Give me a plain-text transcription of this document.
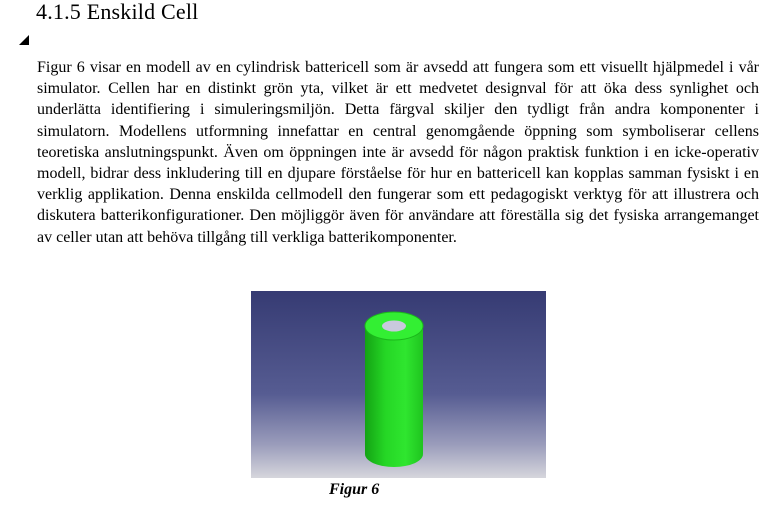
4.1.5 Enskild Cell

Figur 6 visar en modell av en cylindrisk battericell som är avsedd att fungera som ett visuellt hjälpmedel i vår simulator. Cellen har en distinkt grön yta, vilket är ett medvetet designval för att öka dess synlighet och underlätta identifiering i simuleringsmiljön. Detta färgval skiljer den tydligt från andra komponenter i simulatorn. Modellens utformning innefattar en central genomgående öppning som symboliserar cellens teoretiska anslutningspunkt. Även om öppningen inte är avsedd för någon praktisk funktion i en icke-operativ modell, bidrar dess inkludering till en djupare förståelse för hur en battericell kan kopplas samman fysiskt i en verklig applikation. Denna enskilda cellmodell den fungerar som ett pedagogiskt verktyg för att illustrera och diskutera batterikonfigurationer. Den möjliggör även för användare att föreställa sig det fysiska arrangemanget av celler utan att behöva tillgång till verkliga batterikomponenter.

Figur 6
